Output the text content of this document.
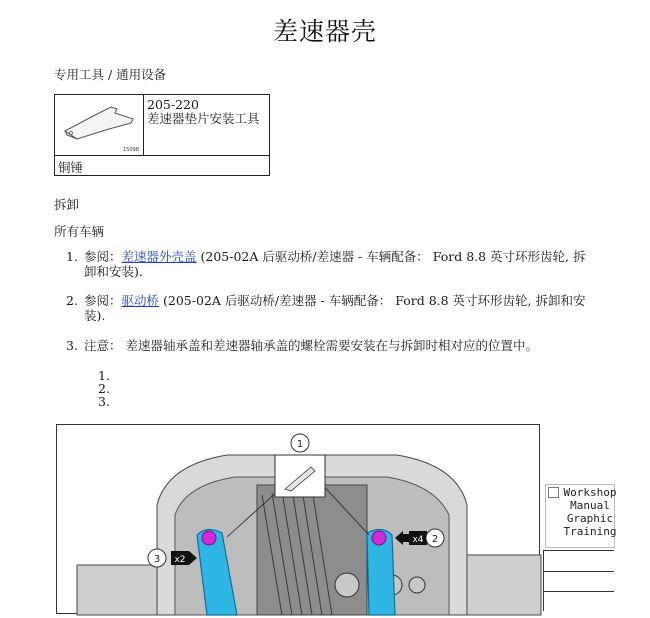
差速器壳

专用工具 / 通用设备

15098
205-220
差速器垫片安装工具
铜锤

拆卸

所有车辆

1. 参阅：差速器外壳盖 (205-02A 后驱动桥/差速器 - 车辆配备： Ford 8.8 英寸环形齿轮, 拆卸和安装).
2. 参阅：驱动桥 (205-02A 后驱动桥/差速器 - 车辆配备： Ford 8.8 英寸环形齿轮, 拆卸和安装).
3. 注意： 差速器轴承盖和差速器轴承盖的螺栓需要安装在与拆卸时相对应的位置中。
1.
2.
3.
1
x4 2
3 x2
Workshop
Manual
Graphic
Training
